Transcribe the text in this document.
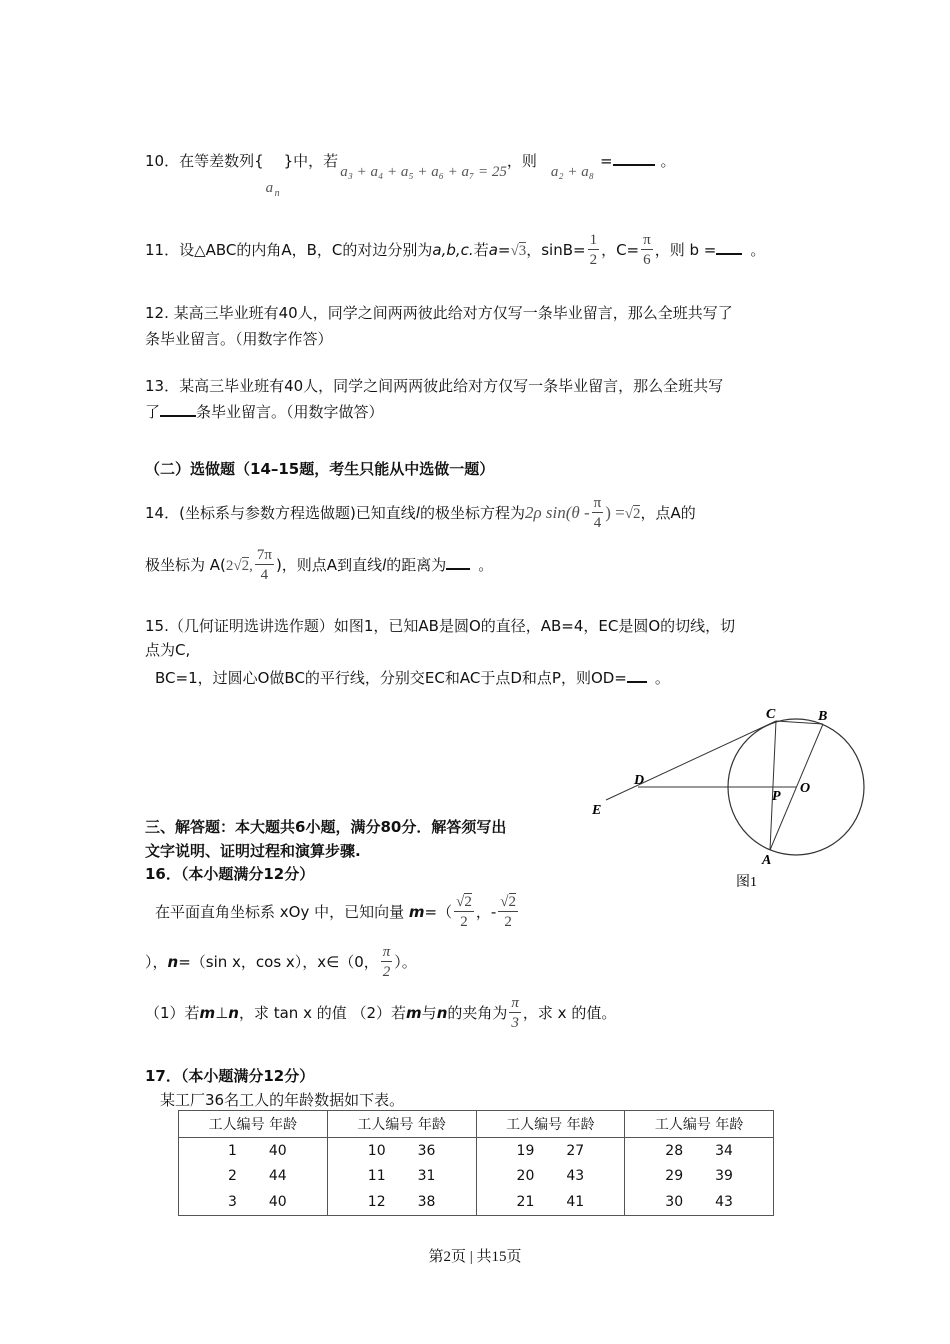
10．在等差数列{
a n
}中，若a₃ + a₄ + a₅ + a₆ + a₇ = 25，则a₂ + a₈=	。
11．设△ABC的内角A，B，C的对边分别为a,b,c.若a=√3，$\sin B= \frac{1}{2}$ ，$C= \frac{\pi}{6}$ ，则 b = 。
12. 某高三毕业班有40人，同学之间两两彼此给对方仅写一条毕业留言，那么全班共写了
条毕业留言。（用数字作答）
13．某高三毕业班有40人，同学之间两两彼此给对方仅写一条毕业留言，那么全班共写
了 条毕业留言。（用数字做答）
（二）选做题（14–15题，考生只能从中选做一题）
14．(坐标系与参数方程选做题)已知直线l的极坐标方程为2ρ $\sin(\theta - \frac{\pi}{4}$ ) =√2，点A的
极坐标为 A(2√2, $\frac{7\pi}{4}$ )，则点A到直线l的距离为 。
15.（几何证明选讲选作题）如图1，已知AB是圆O的直径，AB=4，EC是圆O的切线，切
点为C,
BC=1，过圆心O做BC的平行线，分别交EC和AC于点D和点P，则OD= 。
C	B
D
O
P
E
A
图1
三、解答题：本大题共6小题，满分80分．解答须写出
文字说明、证明过程和演算步骤.
16．（本小题满分12分）
在平面直角坐标系 xOy 中，已知向量 $m=( \frac{√2}{2}$ ，- $\frac{√2}{2}$
），n=（sin x，cos x），x∈（0， $\frac{\pi}{2}$ ）。
（1）若m⊥n，求 tan x 的值 （2）若m与n的夹角为 $\frac{\pi}{3}$ ，求 x 的值。
17．（本小题满分12分）
某工厂36名工人的年龄数据如下表。
工人编号 年龄	工人编号 年龄	工人编号 年龄	工人编号 年龄

1 40	10 36	19 27	28 34

2 44	11 31	20 43	29 39

3 40	12 38	21 41	30 43
第2页 | 共15页
